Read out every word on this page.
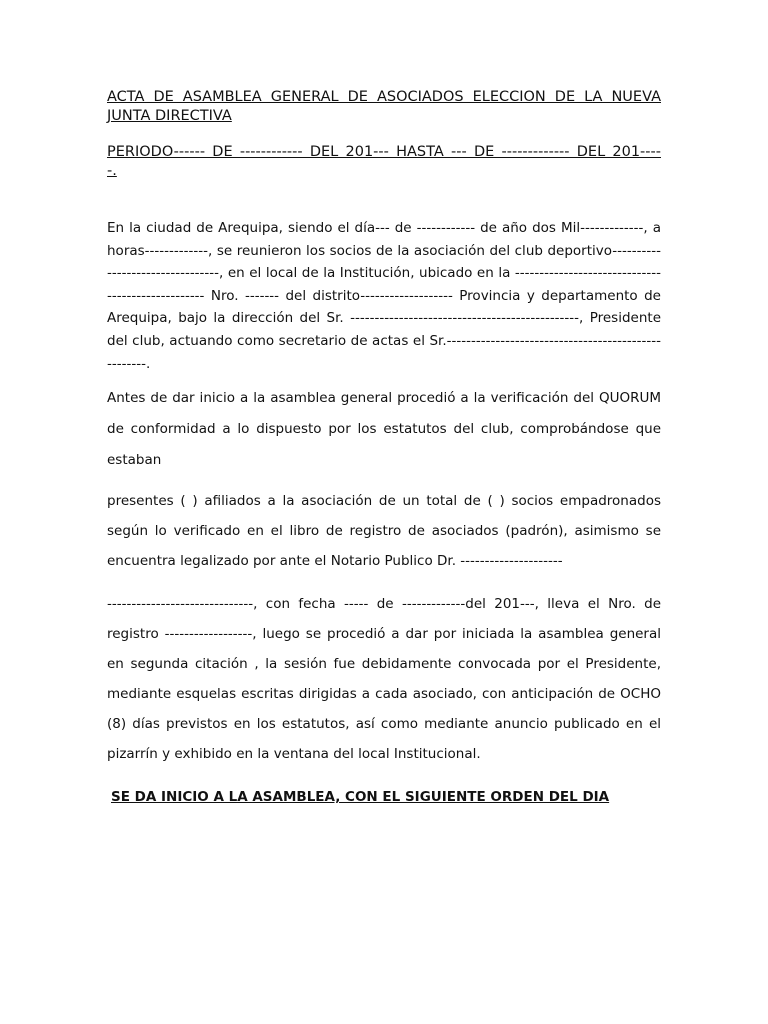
ACTA DE ASAMBLEA GENERAL DE ASOCIADOS ELECCION DE LA NUEVA JUNTA DIRECTIVA

PERIODO------ DE ------------ DEL 201--- HASTA --- DE ------------- DEL 201-----.

En la ciudad de Arequipa, siendo el día--- de ------------ de año dos Mil-------------, a horas-------------, se reunieron los socios de la asociación del club deportivo---------------------------------, en el local de la Institución, ubicado en la -------------------------------------------------- Nro. ------- del distrito------------------- Provincia y departamento de Arequipa, bajo la dirección del Sr. -----------------------------------------------, Presidente del club, actuando como secretario de actas el Sr.----------------------------------------------------.

Antes de dar inicio a la asamblea general procedió a la verificación del QUORUM de conformidad a lo dispuesto por los estatutos del club, comprobándose que estaban

presentes ( ) afiliados a la asociación de un total de ( ) socios empadronados según lo verificado en el libro de registro de asociados (padrón), asimismo se encuentra legalizado por ante el Notario Publico Dr. ---------------------

------------------------------, con fecha ----- de -------------del 201---, lleva el Nro. de registro ------------------, luego se procedió a dar por iniciada la asamblea general en segunda citación , la sesión fue debidamente convocada por el Presidente, mediante esquelas escritas dirigidas a cada asociado, con anticipación de OCHO (8) días previstos en los estatutos, así como mediante anuncio publicado en el pizarrín y exhibido en la ventana del local Institucional.

SE DA INICIO A LA ASAMBLEA, CON EL SIGUIENTE ORDEN DEL DIA
